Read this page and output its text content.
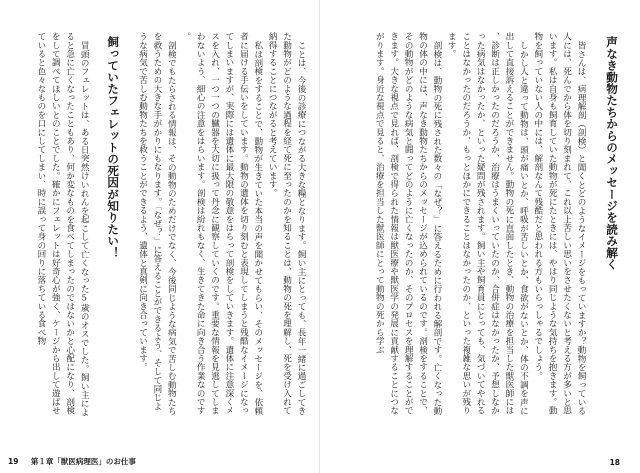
ことは、今後の診療につながる大きな糧となります。飼い主にとっても、長年一緒に過ごしてきた動物がどのような過程を経て死に至ったのかを知ることは、動物の死を理解し、死を受け入れて納得することにつながると考えています。

私は剖検をすることで、動物が生きていた本当の声を聞かせてもらい、そのメッセージを、依頼者に届ける手伝いをしています。動物の遺体を切り刻むと表現してしまうと残酷なイメージになってしまいますが、実際には遺体に最大限の敬意をはらって剖検をしていきます。遺体に注意深くメスを入れ、一つ一つの臓器を大切に扱って丹念に観察していくのです。重要な情報を見逃してしまわないよう、細心の注意をはらいます。剖検は紛れもなく、生きてきた命に向き合う作業なのです。

剖検でもたらされる情報は、その動物のためだけでなく、今後同じような病気で苦しむ動物たちを救うための大きな手がかりにもなります。「なぜ？」に答えることができるよう、そして同じような病気で苦しむ動物たちを救うことができるよう、遺体と真剣に向き合っています。

飼っていたフェレットの死因が知りたい！

冒頭のフェレットは、ある日突然けいれんを起こして亡くなった5歳のオスでした。飼い主によると急に亡くなったこともあり、何か変なものを食べてしまったのではないかと心配になり、剖検をして調べてほしいとのことでした。確かにフェレットは好奇心が強く、ケージから出して遊ばせていると色々なものを口にしてしまい、時に誤って身の回りに落ちている食べ物

19 第１章「獣医病理医」のお仕事

声なき動物たちからのメッセージを読み解く

皆さんは、病理解剖（剖検）と聞くとどのようなイメージをもっていますか？動物を飼っている人には、死んでから体を切り刻まれて、これ以上苦しい思いをさせたくないと考える方が多いと思います。私は自身も飼育していた動物が死にたときには、やはり同じような気持ちを抱きます。動物を飼っていない人の中には、解剖なんて残酷だと思われる方もいらっしゃるでしょう。

しかし人と違って動物は、頭が痛いとか、呼吸が苦しいとか、食欲がないとか、体の不調を声に出して直接訴えることができません。動物の死に直面したとき、動物の治療を担当した獣医師には、診断は正しかったのだろうか、治療はうまくいっていたのか、合併症はなかったか、予想しなかった病気はなかったか、といった疑問が残されます。飼い主や飼育員にとっても、気づいてやれることはなかったのだろうか、もっとほかにできることはなかったのか、といった複雑な思いが残ります。

剖検は、動物の死に残された数々の「なぜ？」に答えるために行われる解剖です。亡くなった動物の体の中には、声なき動物たちからのメッセージが込められているのです。剖検をすることで、その動物がどのような病気と闘ってどのように亡くなったのか、そのプロセスを理解することができます。大きな視点で見れば、剖検で得られた情報は獣医療や獣医学の発展に貢献することにつながります。身近な視点で見ると、治療を担当した獣医師にとって動物の死から学ぶ

18
